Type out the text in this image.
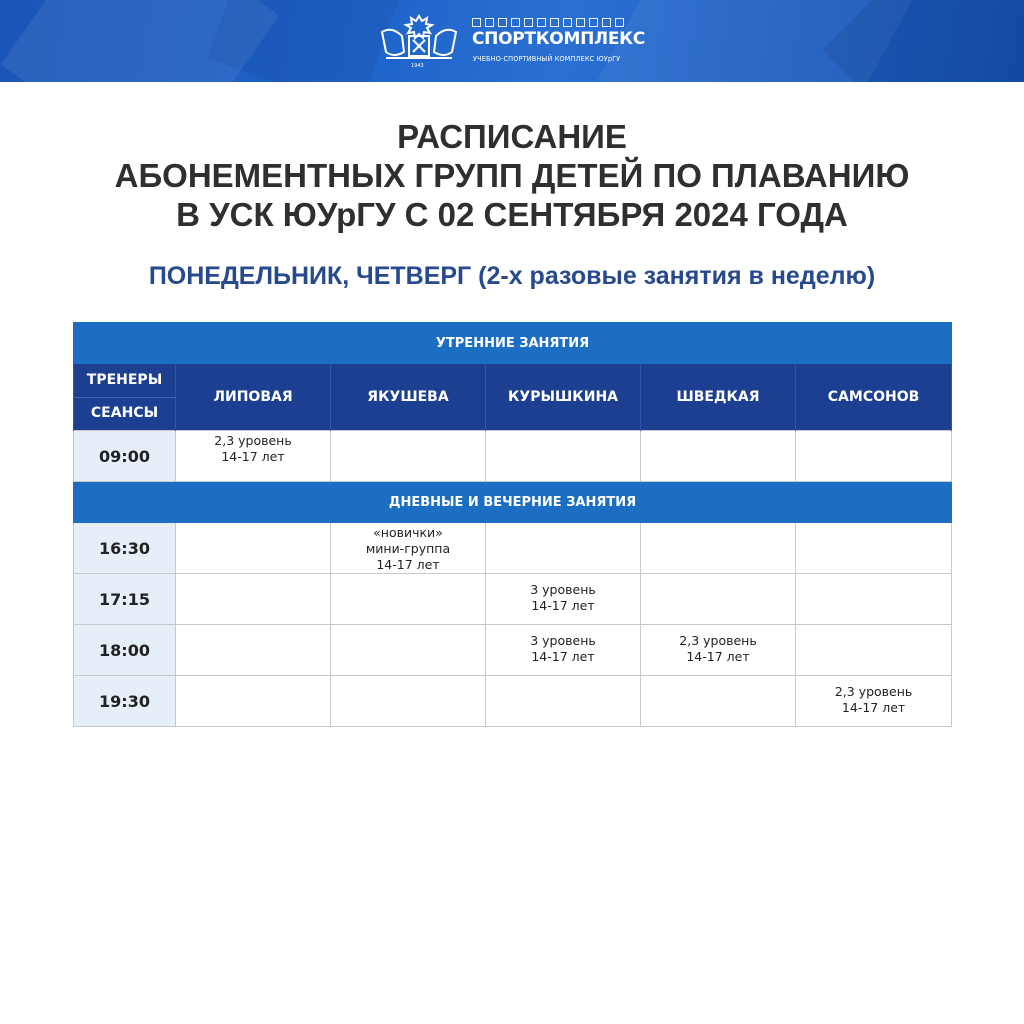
1943
СПОРТКОМПЛЕКС
УЧЕБНО-СПОРТИВНЫЙ КОМПЛЕКС ЮУрГУ
РАСПИСАНИЕ
АБОНЕМЕНТНЫХ ГРУПП ДЕТЕЙ ПО ПЛАВАНИЮ
В УСК ЮУрГУ С 02 СЕНТЯБРЯ 2024 ГОДА
ПОНЕДЕЛЬНИК, ЧЕТВЕРГ (2-х разовые занятия в неделю)
УТРЕННИЕ ЗАНЯТИЯ					

ТРЕНЕРЫ
СЕАНСЫ	ЛИПОВАЯ	ЯКУШЕВА	КУРЫШКИНА	ШВЕДКАЯ	САМСОНОВ
09:00	2,3 уровень
14-17 лет				

ДНЕВНЫЕ И ВЕЧЕРНИЕ ЗАНЯТИЯ					
16:30		«новички»
мини-группа
14-17 лет			

17:15			3 уровень
14-17 лет		

18:00			3 уровень
14-17 лет	2,3 уровень
14-17 лет	

19:30					2,3 уровень
14-17 лет
